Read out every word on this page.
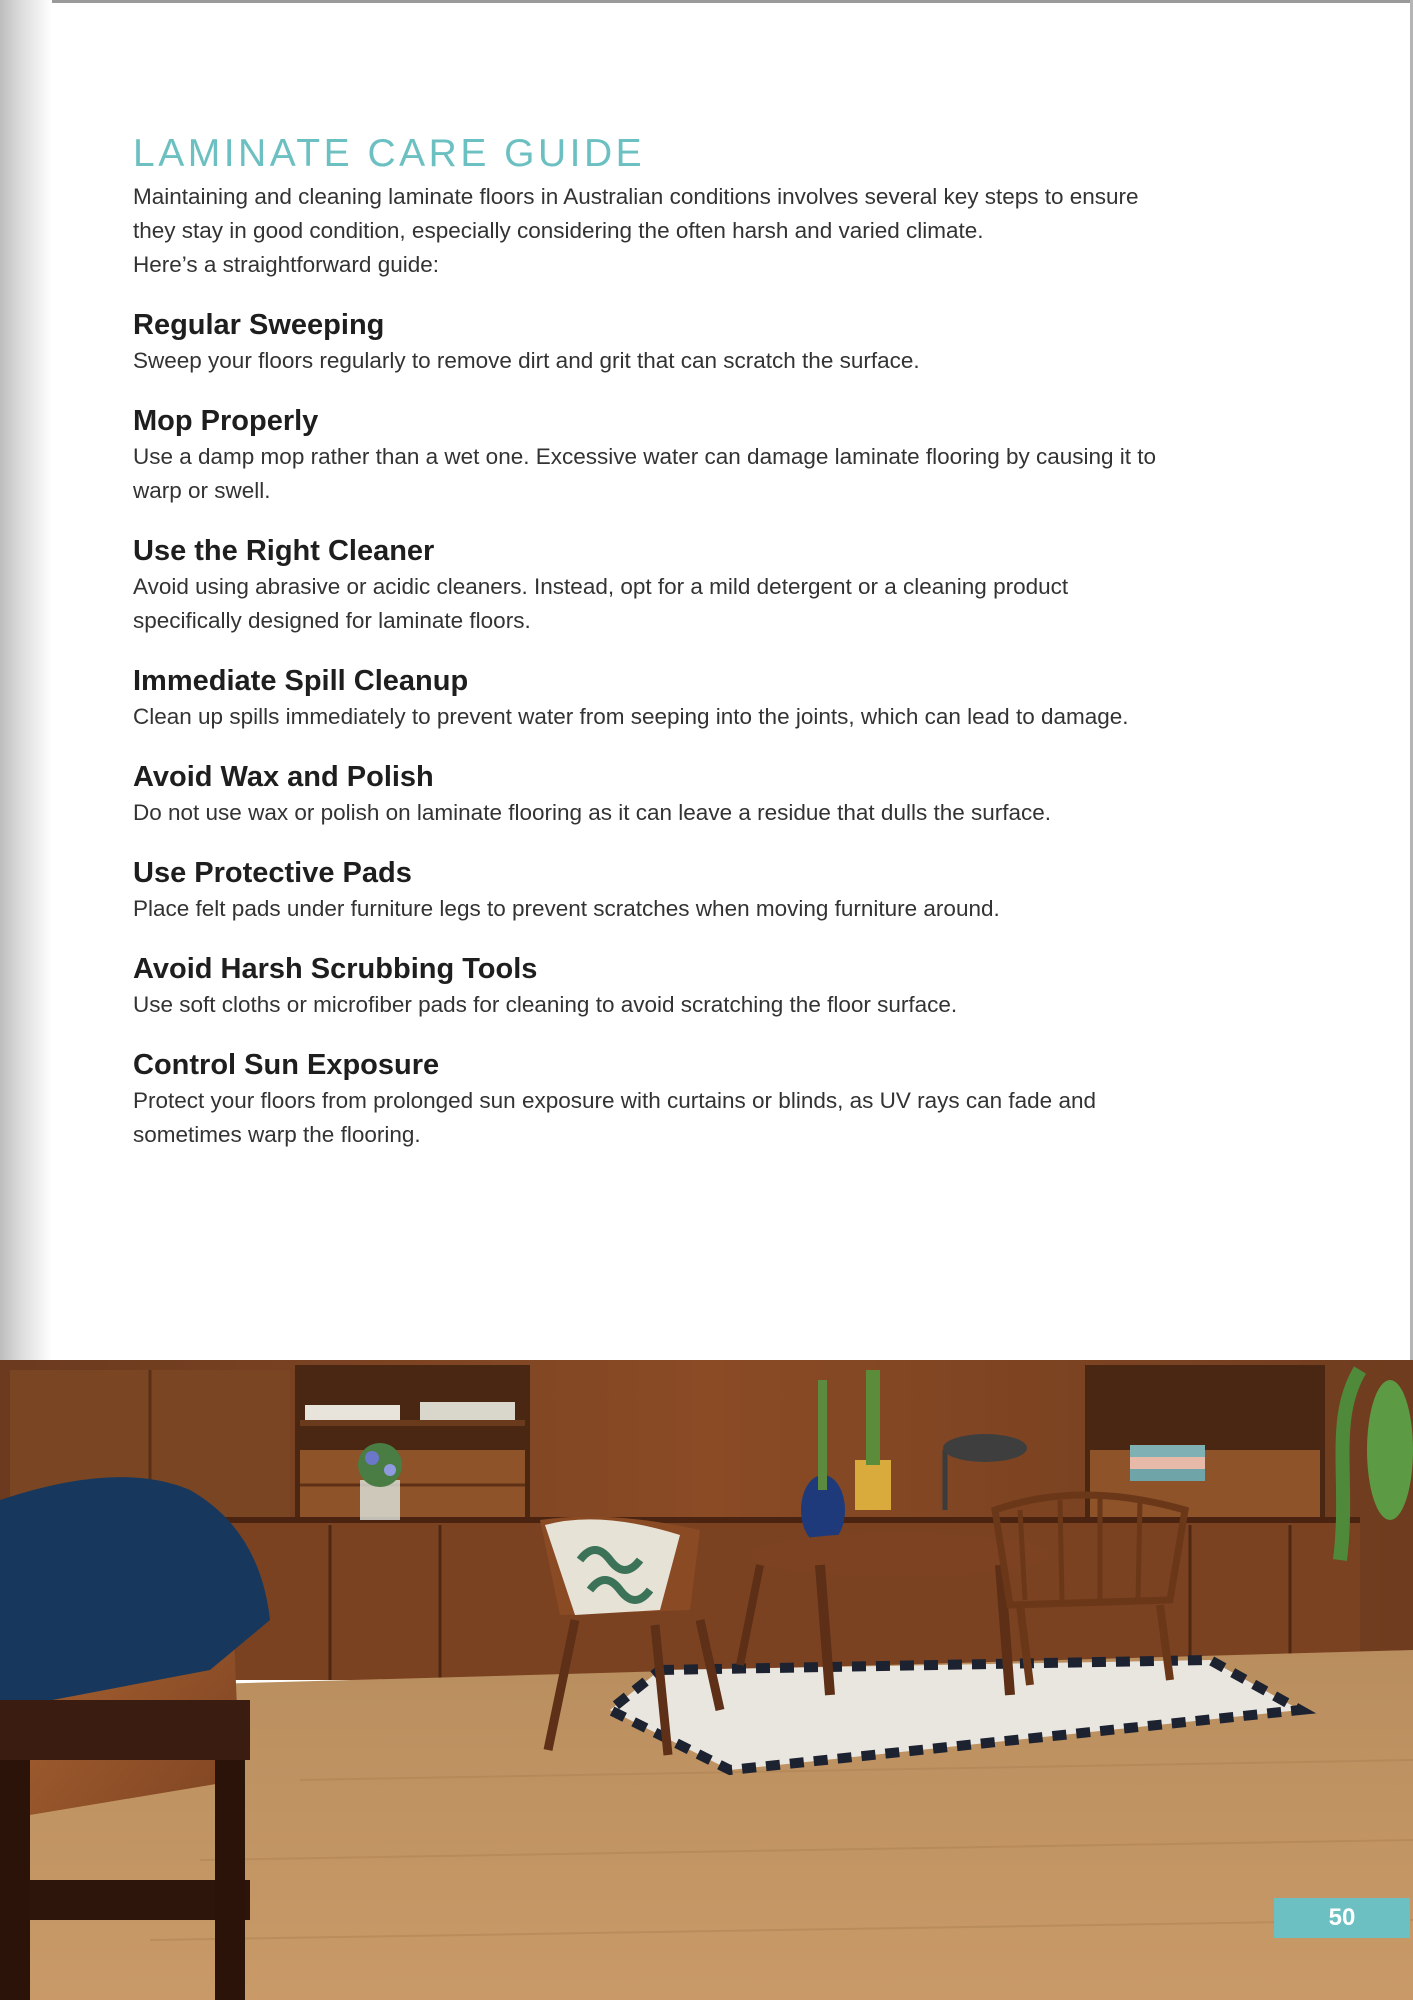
LAMINATE CARE GUIDE

Maintaining and cleaning laminate floors in Australian conditions involves several key steps to ensure
they stay in good condition, especially considering the often harsh and varied climate.
Here’s a straightforward guide:

Regular Sweeping

Sweep your floors regularly to remove dirt and grit that can scratch the surface.

Mop Properly

Use a damp mop rather than a wet one. Excessive water can damage laminate flooring by causing it to
warp or swell.

Use the Right Cleaner

Avoid using abrasive or acidic cleaners. Instead, opt for a mild detergent or a cleaning product
specifically designed for laminate floors.

Immediate Spill Cleanup

Clean up spills immediately to prevent water from seeping into the joints, which can lead to damage.

Avoid Wax and Polish

Do not use wax or polish on laminate flooring as it can leave a residue that dulls the surface.

Use Protective Pads

Place felt pads under furniture legs to prevent scratches when moving furniture around.

Avoid Harsh Scrubbing Tools

Use soft cloths or microfiber pads for cleaning to avoid scratching the floor surface.

Control Sun Exposure

Protect your floors from prolonged sun exposure with curtains or blinds, as UV rays can fade and
sometimes warp the flooring.

50
